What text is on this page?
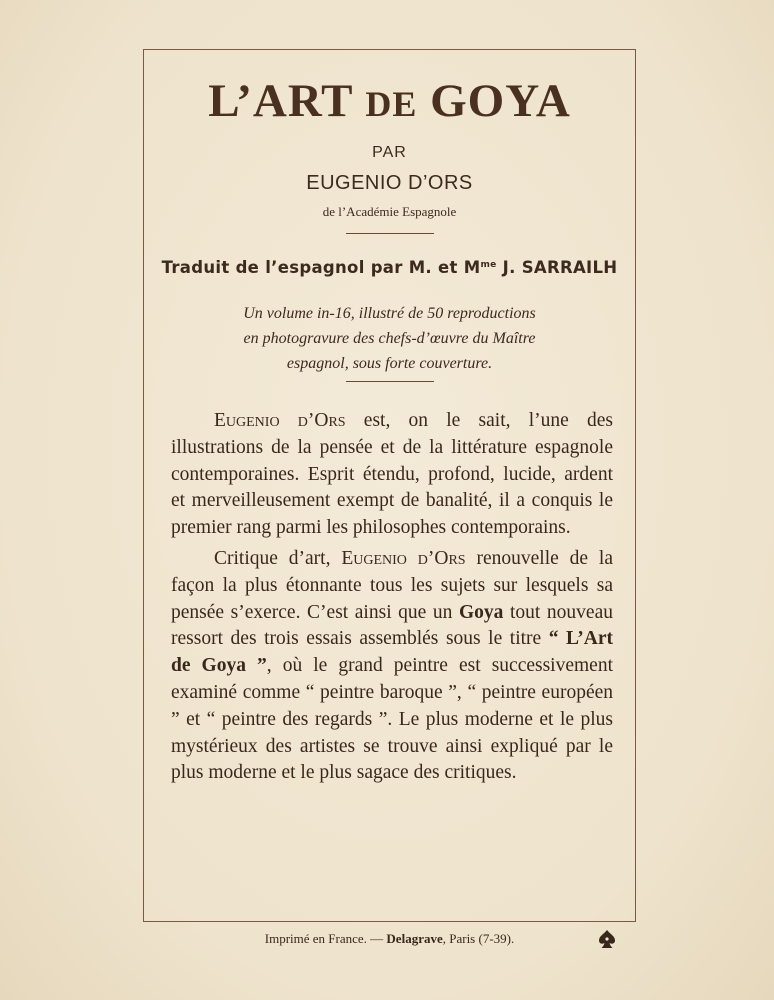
L’ART DE GOYA
PAR
EUGENIO D’ORS
de l’Académie Espagnole
Traduit de l’espagnol par M. et $M^{me}$ J. SARRAILH
Un volume in-16, illustré de 50 reproductions
en photogravure des chefs-d’œuvre du Maître
espagnol, sous forte couverture.

Eugenio d’Ors est, on le sait, l’une des illustrations de la pensée et de la littérature espagnole contemporaines. Esprit étendu, profond, lucide, ardent et merveilleusement exempt de banalité, il a conquis le premier rang parmi les philosophes contemporains.

Critique d’art, Eugenio d’Ors renouvelle de la façon la plus étonnante tous les sujets sur lesquels sa pensée s’exerce. C’est ainsi que un Goya tout nouveau ressort des trois essais assemblés sous le titre “ L’Art de Goya ”, où le grand peintre est successivement examiné comme “ peintre baroque ”, “ peintre européen ” et “ peintre des regards ”. Le plus moderne et le plus mystérieux des artistes se trouve ainsi expliqué par le plus moderne et le plus sagace des critiques.

Imprimé en France. — Delagrave, Paris (7-39).
